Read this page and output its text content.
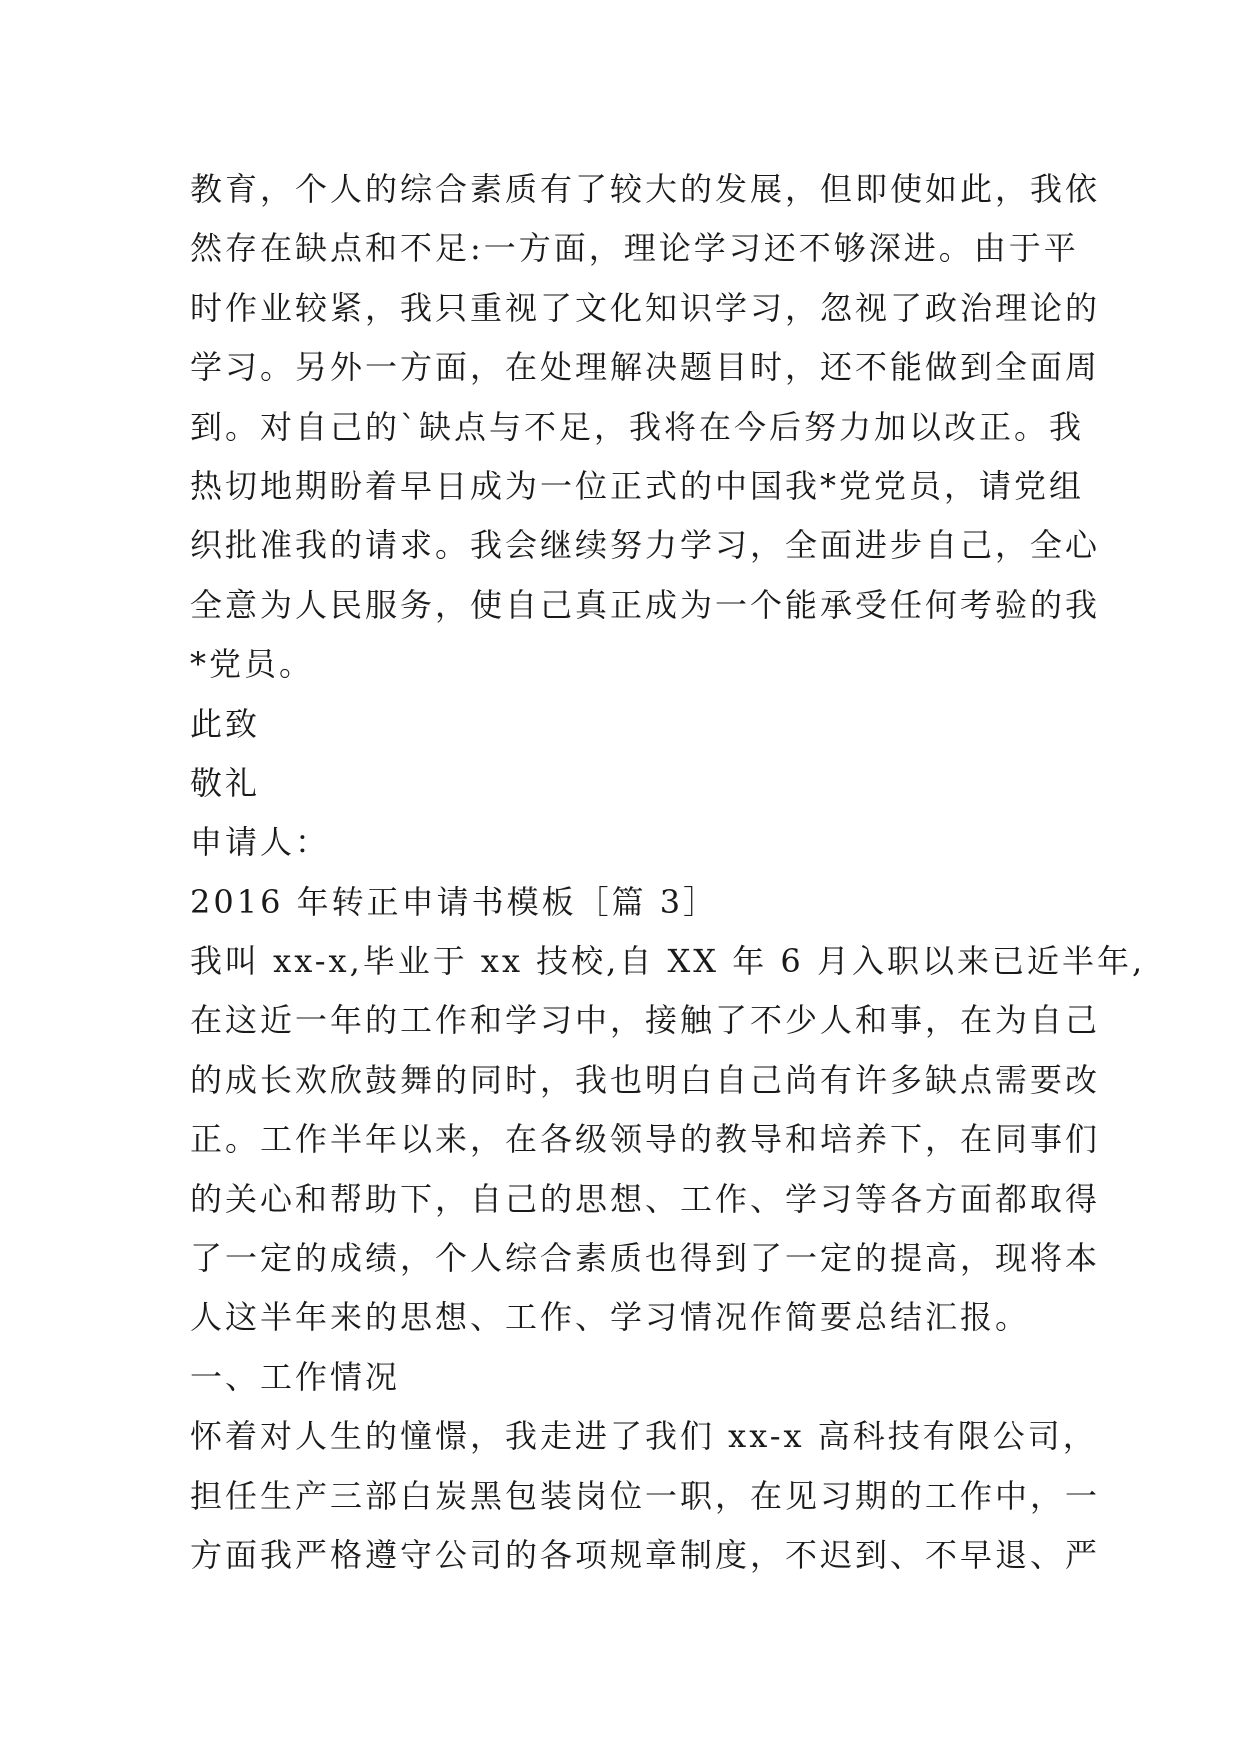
教育，个人的综合素质有了较大的发展，但即使如此，我依
然存在缺点和不足:一方面，理论学习还不够深进。由于平
时作业较紧，我只重视了文化知识学习，忽视了政治理论的
学习。另外一方面，在处理解决题目时，还不能做到全面周
到。对自己的`缺点与不足，我将在今后努力加以改正。我
热切地期盼着早日成为一位正式的中国我*党党员，请党组
织批准我的请求。我会继续努力学习，全面进步自己，全心
全意为人民服务，使自己真正成为一个能承受任何考验的我
*党员。
此致
敬礼
申请人：
2016 年转正申请书模板［篇 3］
我叫 xx-x,毕业于 xx 技校,自 XX 年 6 月入职以来已近半年,
在这近一年的工作和学习中，接触了不少人和事，在为自己
的成长欢欣鼓舞的同时，我也明白自己尚有许多缺点需要改
正。工作半年以来，在各级领导的教导和培养下，在同事们
的关心和帮助下，自己的思想、工作、学习等各方面都取得
了一定的成绩，个人综合素质也得到了一定的提高，现将本
人这半年来的思想、工作、学习情况作简要总结汇报。
一、工作情况
怀着对人生的憧憬，我走进了我们 xx-x 高科技有限公司，
担任生产三部白炭黑包装岗位一职，在见习期的工作中，一
方面我严格遵守公司的各项规章制度，不迟到、不早退、严
